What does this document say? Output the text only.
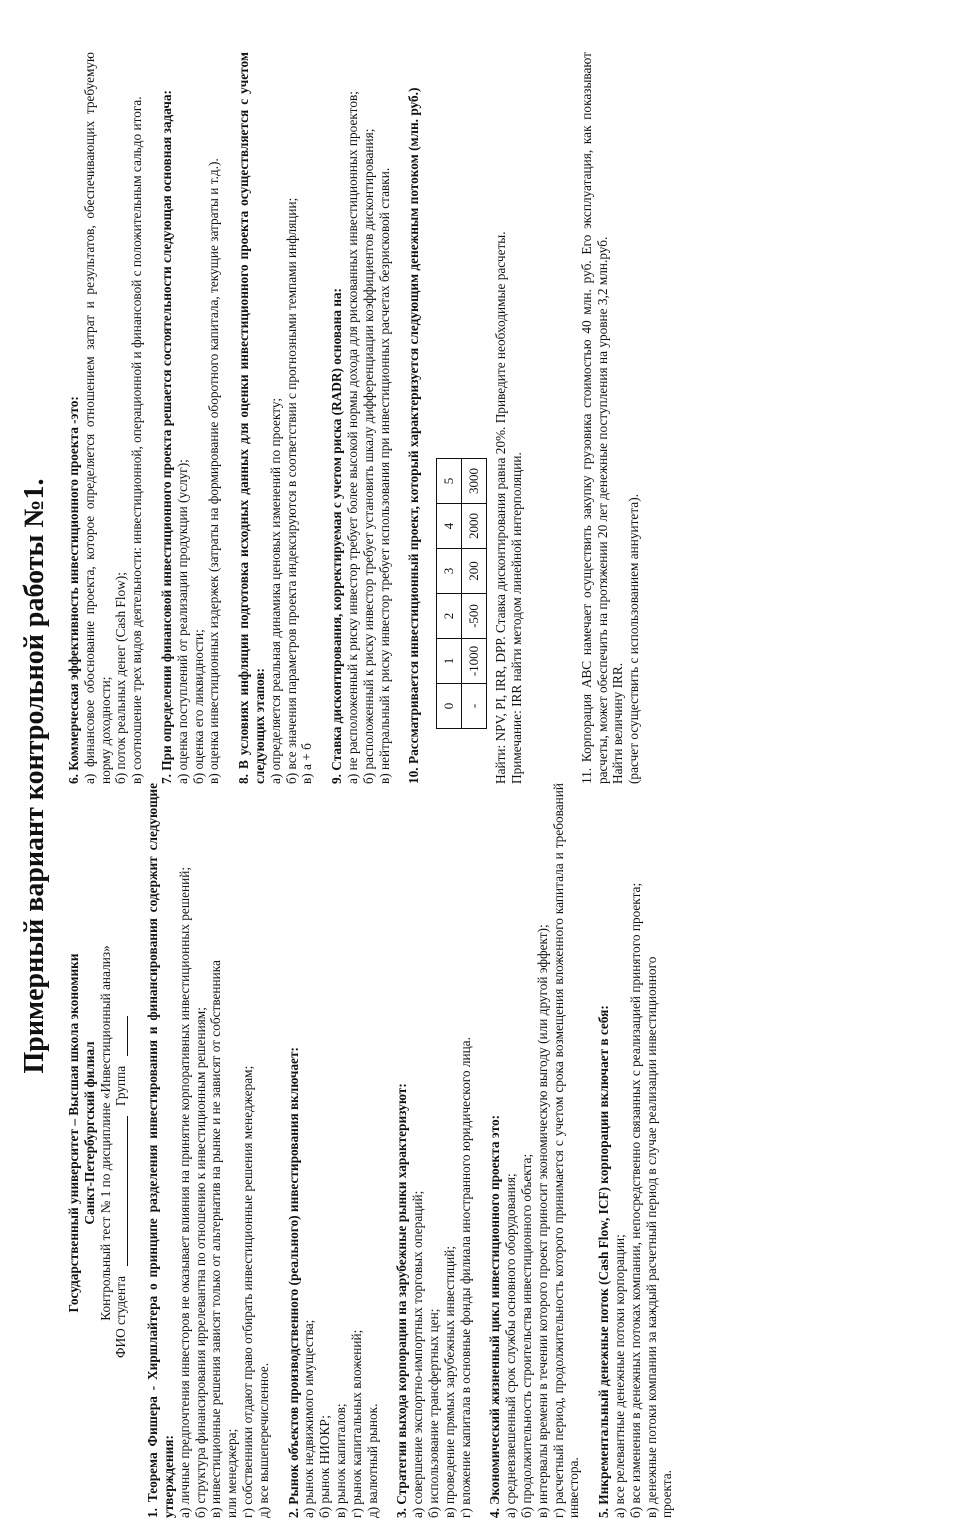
Примерный вариант контрольной работы №1.

Государственный университет – Высшая школа экономики Санкт-Петербургский филиал Контрольный тест № 1 по дисциплине «Инвестиционный анализ» ФИО студента
Группа 1. Теорема Фишера - Хиршлайтера о принципе разделения инвестирования и финансирования содержит следующие утверждения: а) личные предпочтения инвесторов не оказывает влияния на принятие корпоративных инвестиционных решений; б) структура финансирования иррелевантна по отношению к инвестиционным решениям; в) инвестиционные решения зависят только от альтернатив на рынке и не зависят от собственника или менеджера; г) собственники отдают право отбирать инвестиционные решения менеджерам; д) все вышеперечисленное. 2. Рынок объектов производственного (реального) инвестирования включает: а) рынок недвижимого имущества; б) рынок НИОКР; в) рынок капиталов; г) рынок капитальных вложений; д) валютный рынок. 3. Стратегии выхода корпорации на зарубежные рынки характеризуют: а) совершение экспортно-импортных торговых операций; б) использование трансфертных цен; в) проведение прямых зарубежных инвестиций; г) вложение капитала в основные фонды филиала иностранного юридического лица. 4. Экономический жизненный цикл инвестиционного проекта это: а) средневзвешенный срок службы основного оборудования; б) продолжительность строительства инвестиционного объекта; в) интервалы времени в течении которого проект приносит экономическую выгоду (или другой эффект); г) расчетный период, продолжительность которого принимается с учетом срока возмещения вложенного капитала и требований инвестора. 5. Инкрементальный денежные поток (Cash Flow, ICF) корпорации включает в себя: а) все релевантные денежные потоки корпорации; б) все изменения в денежных потоках компании, непосредственно связанных с реализацией принятого проекта; в) денежные потоки компании за каждый расчетный период в случае реализации инвестиционного проекта.

6. Коммерческая эффективность инвестиционного проекта -это: а) финансовое обоснование проекта, которое определяется отношением затрат и результатов, обеспечивающих требуемую норму доходности; б) поток реальных денег (Cash Flow); в) соотношение трех видов деятельности: инвестиционной, операционной и финансовой с положительным сальдо итога. 7. При определении финансовой инвестиционного проекта решается состоятельности следующая основная задача: а) оценка поступлений от реализации продукции (услуг); б) оценка его ликвидности; в) оценка инвестиционных издержек (затраты на формирование оборотного капитала, текущие затраты и т.д.). 8. В условиях инфляции подготовка исходных данных для оценки инвестиционного проекта осуществляется с учетом следующих этапов: а) определяется реальная динамика ценовых изменений по проекту; б) все значения параметров проекта индексируются в соответствии с прогнозными темпами инфляции; в) а + б 9. Ставка дисконтирования, корректируемая с учетом риска (RADR) основана на: а) не расположенный к риску инвестор требует более высокой нормы дохода для рискованных инвестиционных проектов; б) расположенный к риску инвестор требует установить шкалу дифференциации коэффициентов дисконтирования; в) нейтральный к риску инвестор требует использования при инвестиционных расчетах безрисковой ставки. 10. Рассматривается инвестиционный проект, который характеризуется следующим денежным потоком (млн. руб.) 0	1	2	3	4	5
-	-1000	-500	200	2000	3000 Найти: NPV, PI, IRR, DPP. Ставка дисконтирования равна 20%. Приведите необходимые расчеты. Примечание: IRR найти методом линейной интерполяции.	11. Корпорация АВС намечает осуществить закупку грузовика стоимостью 40 млн. руб. Его эксплуатация, как показывают расчеты, может обеспечить на протяжении 20 лет денежные поступления на уровне 3,2 млн.руб. Найти величину IRR. (расчет осуществить с использованием аннуитета).
